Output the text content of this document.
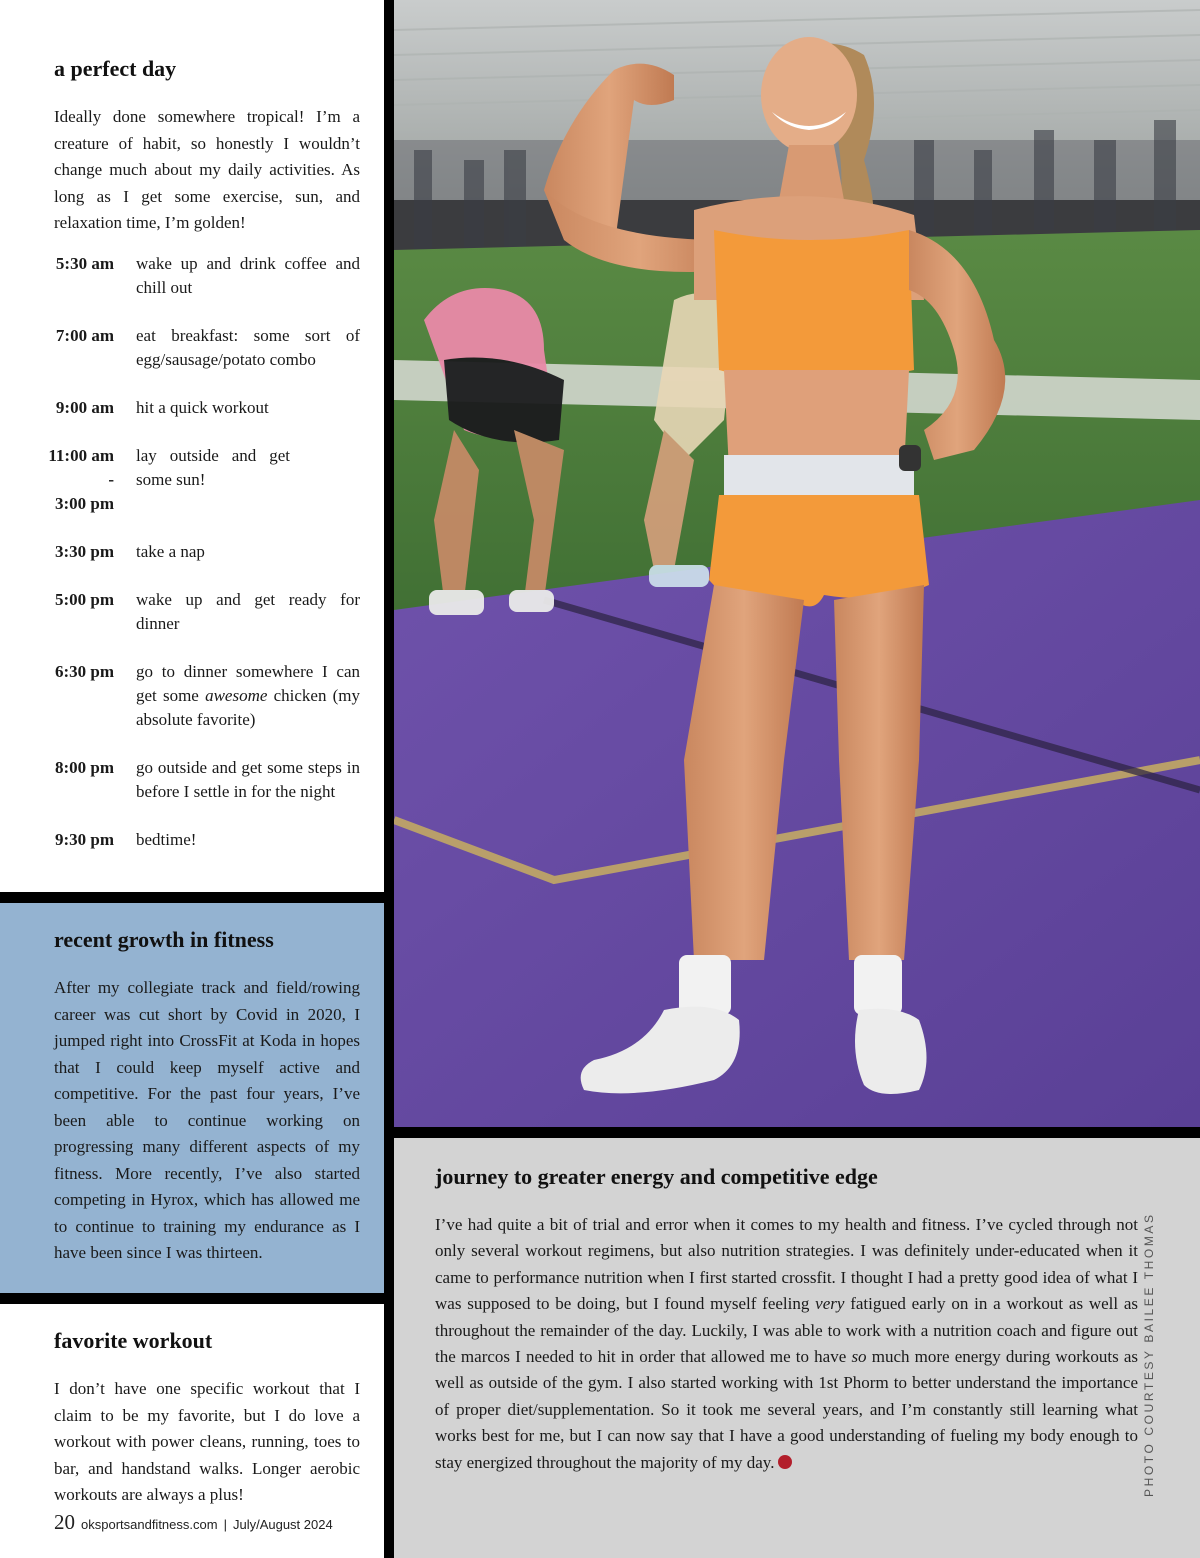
a perfect day

Ideally done somewhere tropical! I’m a creature of habit, so honestly I wouldn’t change much about my daily activities. As long as I get some exercise, sun, and relaxation time, I’m golden!

5:30 am wake up and drink coffee and chill out
7:00 am eat breakfast: some sort of egg/sausage/potato combo
9:00 am hit a quick workout
11:00 am -
3:00 pm
lay outside and get some sun!
3:30 pm take a nap
5:00 pm wake up and get ready for dinner
6:30 pm go to dinner somewhere I can get some awesome chicken (my absolute favorite)
8:00 pm go outside and get some steps in before I settle in for the night
9:30 pm bedtime!
recent growth in fitness

After my collegiate track and field/rowing career was cut short by Covid in 2020, I jumped right into CrossFit at Koda in hopes that I could keep myself active and competitive. For the past four years, I’ve been able to continue working on progressing many different aspects of my fitness. More recently, I’ve also started competing in Hyrox, which has allowed me to continue to training my endurance as I have been since I was thirteen.

favorite workout

I don’t have one specific workout that I claim to be my favorite, but I do love a workout with power cleans, running, toes to bar, and handstand walks. Longer aerobic workouts are always a plus!

journey to greater energy and competitive edge

I’ve had quite a bit of trial and error when it comes to my health and fitness. I’ve cycled through not only several workout regimens, but also nutrition strategies. I was definitely under-educated when it came to performance nutrition when I first started crossfit. I thought I had a pretty good idea of what I was supposed to be doing, but I found myself feeling very fatigued early on in a workout as well as throughout the remainder of the day. Luckily, I was able to work with a nutrition coach and figure out the marcos I needed to hit in order that allowed me to have so much more energy during workouts as well as outside of the gym. I also started working with 1st Phorm to better understand the importance of proper diet/supplementation. So it took me several years, and I’m constantly still learning what works best for me, but I can now say that I have a good understanding of fueling my body enough to stay energized throughout the majority of my day.	PHOTO COURTESY BAILEE THOMAS
20 oksportsandfitness.com | July/August 2024
